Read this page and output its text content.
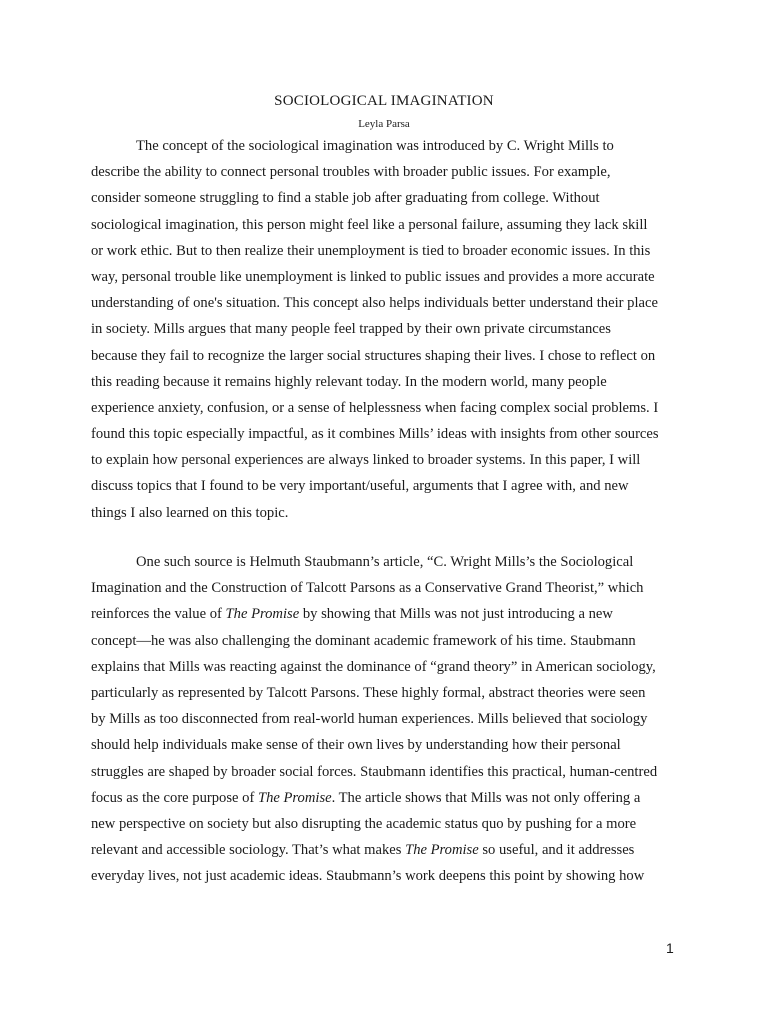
SOCIOLOGICAL IMAGINATION
Leyla Parsa
The concept of the sociological imagination was introduced by C. Wright Mills to
describe the ability to connect personal troubles with broader public issues. For example,
consider someone struggling to find a stable job after graduating from college. Without
sociological imagination, this person might feel like a personal failure, assuming they lack skill
or work ethic. But to then realize their unemployment is tied to broader economic issues. In this
way, personal trouble like unemployment is linked to public issues and provides a more accurate
understanding of one's situation. This concept also helps individuals better understand their place
in society. Mills argues that many people feel trapped by their own private circumstances
because they fail to recognize the larger social structures shaping their lives. I chose to reflect on
this reading because it remains highly relevant today. In the modern world, many people
experience anxiety, confusion, or a sense of helplessness when facing complex social problems. I
found this topic especially impactful, as it combines Mills’ ideas with insights from other sources
to explain how personal experiences are always linked to broader systems. In this paper, I will
discuss topics that I found to be very important/useful, arguments that I agree with, and new
things I also learned on this topic.
One such source is Helmuth Staubmann’s article, “C. Wright Mills’s the Sociological
Imagination and the Construction of Talcott Parsons as a Conservative Grand Theorist,” which
reinforces the value of The Promise by showing that Mills was not just introducing a new
concept—he was also challenging the dominant academic framework of his time. Staubmann
explains that Mills was reacting against the dominance of “grand theory” in American sociology,
particularly as represented by Talcott Parsons. These highly formal, abstract theories were seen
by Mills as too disconnected from real-world human experiences. Mills believed that sociology
should help individuals make sense of their own lives by understanding how their personal
struggles are shaped by broader social forces. Staubmann identifies this practical, human-centred
focus as the core purpose of The Promise. The article shows that Mills was not only offering a
new perspective on society but also disrupting the academic status quo by pushing for a more
relevant and accessible sociology. That’s what makes The Promise so useful, and it addresses
everyday lives, not just academic ideas. Staubmann’s work deepens this point by showing how
1
